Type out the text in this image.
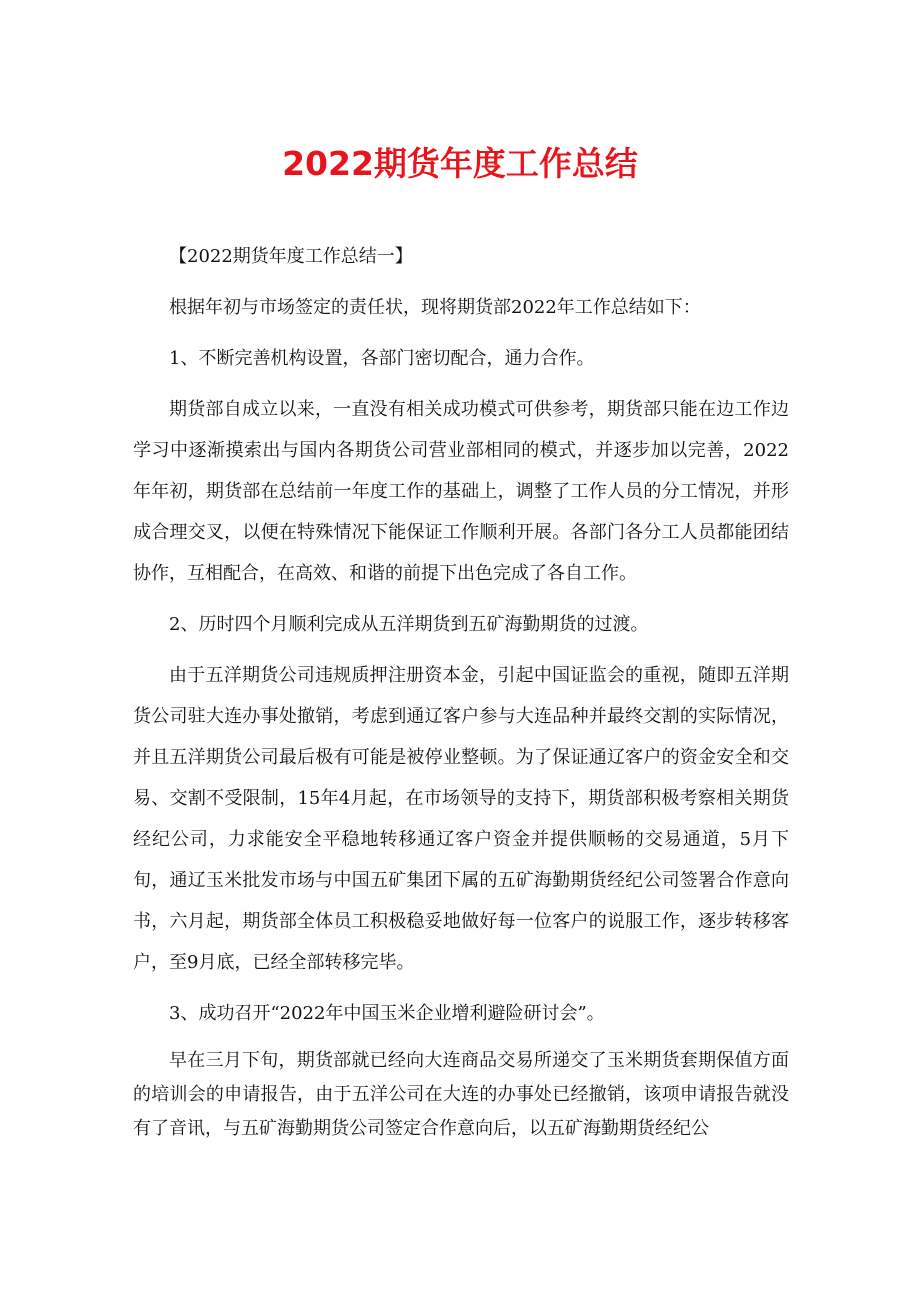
2022期货年度工作总结

【2022期货年度工作总结一】

根据年初与市场签定的责任状，现将期货部2022年工作总结如下：

1、不断完善机构设置，各部门密切配合，通力合作。

期货部自成立以来，一直没有相关成功模式可供参考，期货部只能在边工作边学习中逐渐摸索出与国内各期货公司营业部相同的模式，并逐步加以完善，2022年年初，期货部在总结前一年度工作的基础上，调整了工作人员的分工情况，并形成合理交叉，以便在特殊情况下能保证工作顺利开展。各部门各分工人员都能团结协作，互相配合，在高效、和谐的前提下出色完成了各自工作。

2、历时四个月顺利完成从五洋期货到五矿海勤期货的过渡。

由于五洋期货公司违规质押注册资本金，引起中国证监会的重视，随即五洋期货公司驻大连办事处撤销，考虑到通辽客户参与大连品种并最终交割的实际情况，并且五洋期货公司最后极有可能是被停业整顿。为了保证通辽客户的资金安全和交易、交割不受限制，15年4月起，在市场领导的支持下，期货部积极考察相关期货经纪公司，力求能安全平稳地转移通辽客户资金并提供顺畅的交易通道，5月下旬，通辽玉米批发市场与中国五矿集团下属的五矿海勤期货经纪公司签署合作意向书，六月起，期货部全体员工积极稳妥地做好每一位客户的说服工作，逐步转移客户，至9月底，已经全部转移完毕。

3、成功召开“2022年中国玉米企业增利避险研讨会”。

早在三月下旬，期货部就已经向大连商品交易所递交了玉米期货套期保值方面的培训会的申请报告，由于五洋公司在大连的办事处已经撤销，该项申请报告就没有了音讯，与五矿海勤期货公司签定合作意向后，以五矿海勤期货经纪公
